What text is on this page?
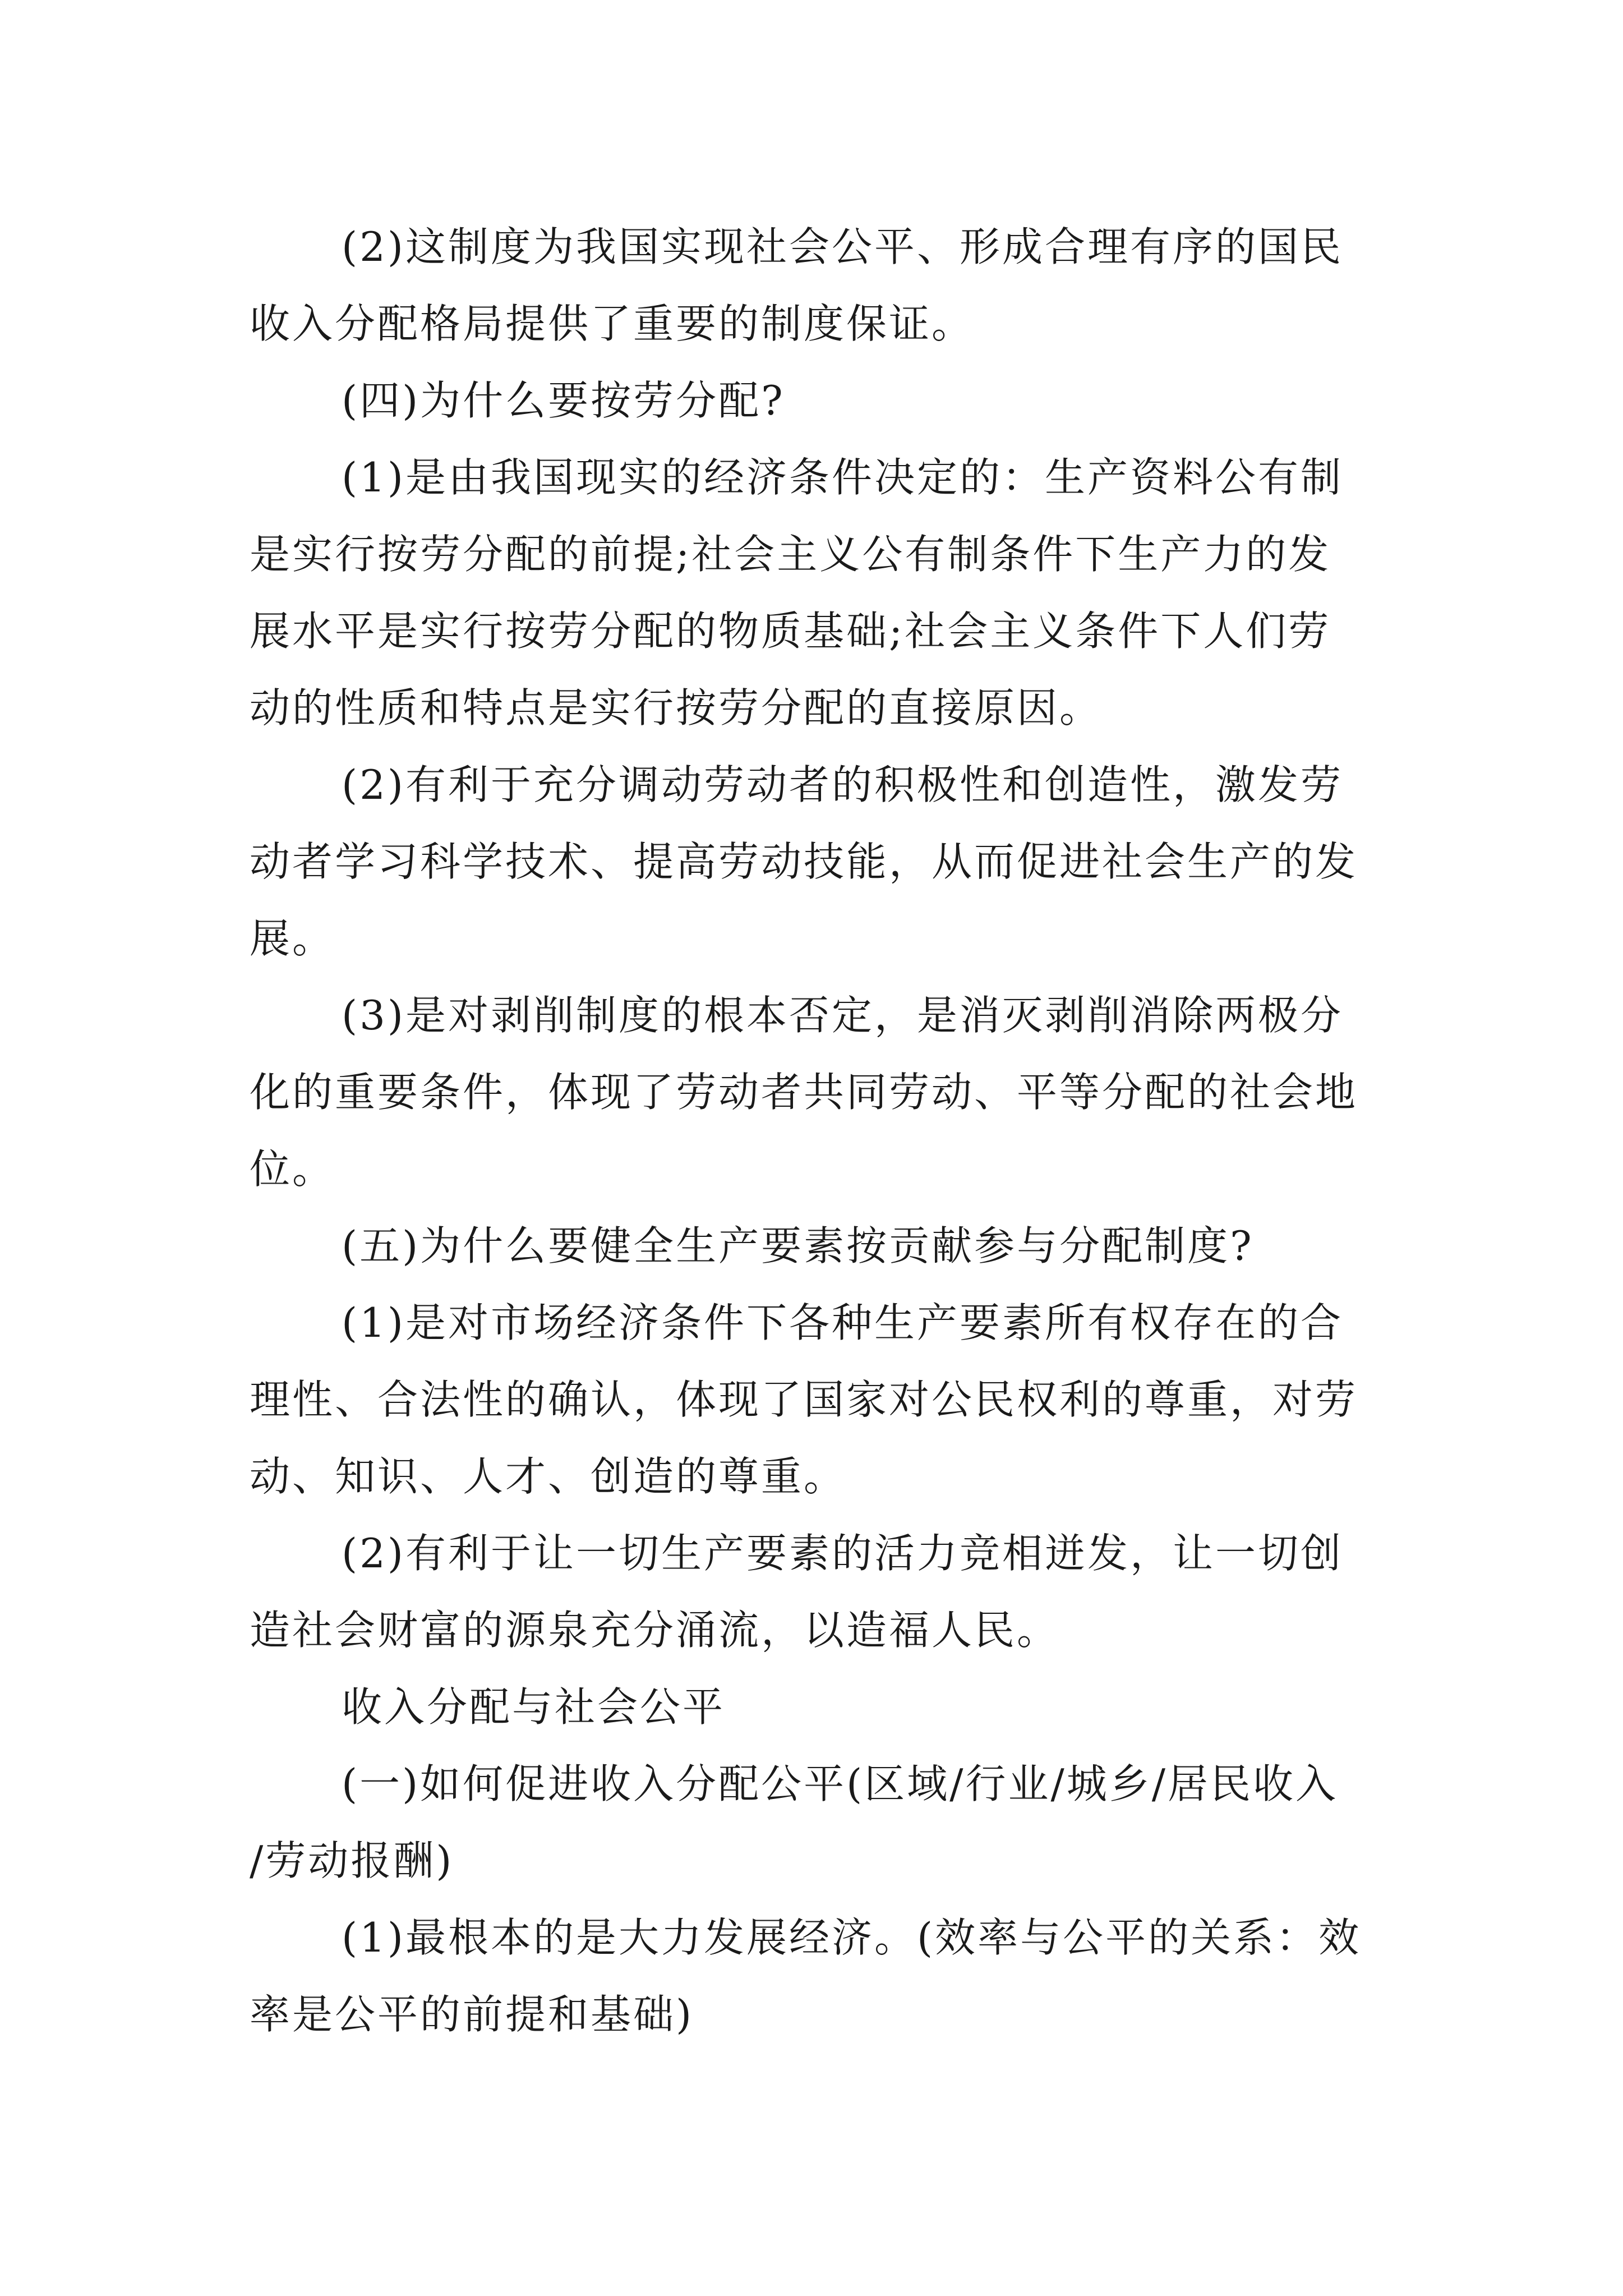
(2)这制度为我国实现社会公平、形成合理有序的国民
收入分配格局提供了重要的制度保证。
(四)为什么要按劳分配?
(1)是由我国现实的经济条件决定的：生产资料公有制
是实行按劳分配的前提;社会主义公有制条件下生产力的发
展水平是实行按劳分配的物质基础;社会主义条件下人们劳
动的性质和特点是实行按劳分配的直接原因。
(2)有利于充分调动劳动者的积极性和创造性，激发劳
动者学习科学技术、提高劳动技能，从而促进社会生产的发
展。
(3)是对剥削制度的根本否定，是消灭剥削消除两极分
化的重要条件，体现了劳动者共同劳动、平等分配的社会地
位。
(五)为什么要健全生产要素按贡献参与分配制度?
(1)是对市场经济条件下各种生产要素所有权存在的合
理性、合法性的确认，体现了国家对公民权利的尊重，对劳
动、知识、人才、创造的尊重。
(2)有利于让一切生产要素的活力竞相迸发，让一切创
造社会财富的源泉充分涌流，以造福人民。
收入分配与社会公平
(一)如何促进收入分配公平(区域/行业/城乡/居民收入
/劳动报酬)
(1)最根本的是大力发展经济。(效率与公平的关系：效
率是公平的前提和基础)
